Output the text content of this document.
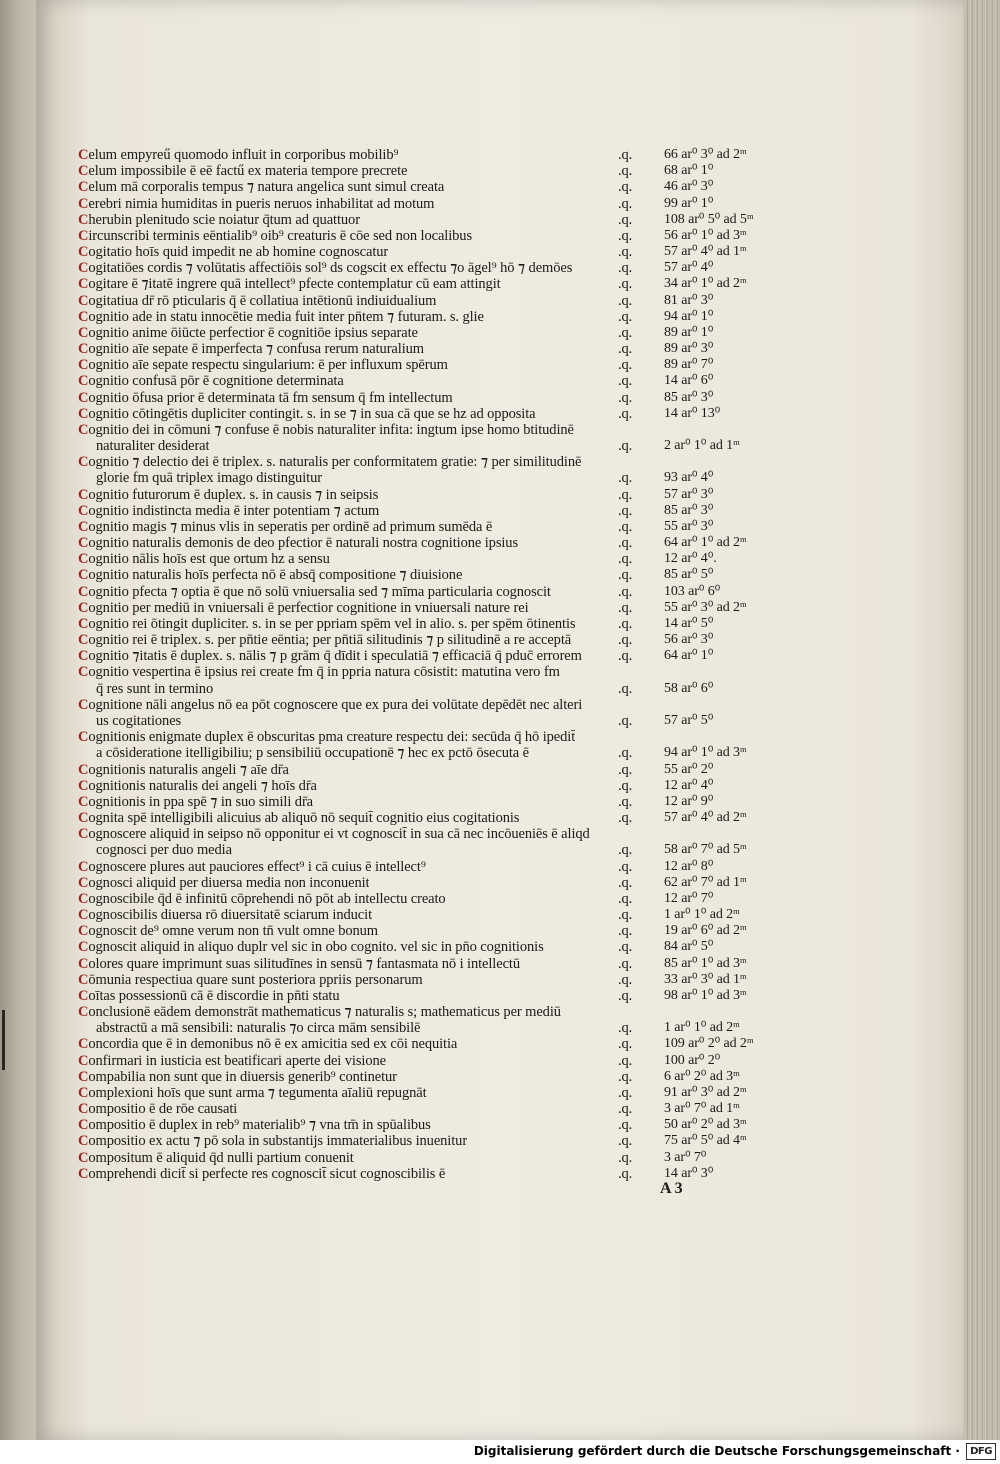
Celum empyreű quomodo influit in corporibus mobilib⁹	.q. 66 ar⁰ 3⁰ ad 2ᵐ
Celum impossibile ē eē factű ex materia tempore precrete	.q. 68 ar⁰ 1⁰
Celum mā corporalis tempus ⁊ natura angelica sunt simul creata	.q. 46 ar⁰ 3⁰
Cerebri nimia humiditas in pueris neruos inhabilitat ad motum	.q. 99 ar⁰ 1⁰
Cherubin plenitudo scie noiatur q̄tum ad quattuor	.q. 108 ar⁰ 5⁰ ad 5ᵐ
Circunscribi terminis eēntialib⁹ oib⁹ creaturis ē cōe sed non localibus	.q. 56 ar⁰ 1⁰ ad 3ᵐ
Cogitatio hoīs quid impedit ne ab homine cognoscatur	.q. 57 ar⁰ 4⁰ ad 1ᵐ
Cogitatiōes cordis ⁊ volūtatis affectiōis sol⁹ ds cogscit ex effectu ⁊o āgel⁹ hō ⁊ demōes	.q. 57 ar⁰ 4⁰
Cogitare ē ⁊itatē ingrere quā intellect⁹ pfecte contemplatur cū eam attingit	.q. 34 ar⁰ 1⁰ ad 2ᵐ
Cogitatiua dr̄ rō pticularis q̄ ē collatiua intētionū indiuidualium	.q. 81 ar⁰ 3⁰
Cognitio ade in statu innocētie media fuit inter pn̄tem ⁊ futuram. s. glie	.q. 94 ar⁰ 1⁰
Cognitio anime ōiūcte perfectior ē cognitiōe ipsius separate	.q. 89 ar⁰ 1⁰
Cognitio aīe sepate ē imperfecta ⁊ confusa rerum naturalium	.q. 89 ar⁰ 3⁰
Cognitio aīe sepate respectu singularium: ē per influxum spērum	.q. 89 ar⁰ 7⁰
Cognitio confusā pōr ē cognitione determinata	.q. 14 ar⁰ 6⁰
Cognitio ōfusa prior ē determinata tā fm sensum q̄ fm intellectum	.q. 85 ar⁰ 3⁰
Cognitio cōtingētis dupliciter contingit. s. in se ⁊ in sua cā que se hz ad opposita	.q. 14 ar⁰ 13⁰
Cognitio dei in cōmuni ⁊ confuse ē nobis naturaliter infita: ingtum ipse homo btitudinē
naturaliter desiderat	.q. 2 ar⁰ 1⁰ ad 1ᵐ
Cognitio ⁊ delectio dei ē triplex. s. naturalis per conformitatem gratie: ⁊ per similitudinē
glorie fm quā triplex imago distinguitur	.q. 93 ar⁰ 4⁰
Cognitio futurorum ē duplex. s. in causis ⁊ in seipsis	.q. 57 ar⁰ 3⁰
Cognitio indistincta media ē inter potentiam ⁊ actum	.q. 85 ar⁰ 3⁰
Cognitio magis ⁊ minus vlis in seperatis per ordinē ad primum sumēda ē	.q. 55 ar⁰ 3⁰
Cognitio naturalis demonis de deo pfectior ē naturali nostra cognitione ipsius	.q. 64 ar⁰ 1⁰ ad 2ᵐ
Cognitio nālis hoīs est que ortum hz a sensu	.q. 12 ar⁰ 4⁰.
Cognitio naturalis hoīs perfecta nō ē absq̄ compositione ⁊ diuisione	.q. 85 ar⁰ 5⁰
Cognitio pfecta ⁊ optia ē que nō solū vniuersalia sed ⁊ mīma particularia cognoscit	.q. 103 ar⁰ 6⁰
Cognitio per mediū in vniuersali ē perfectior cognitione in vniuersali nature rei	.q. 55 ar⁰ 3⁰ ad 2ᵐ
Cognitio rei ōtingit dupliciter. s. in se per ppriam spēm vel in alio. s. per spēm ōtinentis	.q. 14 ar⁰ 5⁰
Cognitio rei ē triplex. s. per pn̄tie eēntia; per pn̄tiā silitudinis ⁊ p silitudinē a re acceptā	.q. 56 ar⁰ 3⁰
Cognitio ⁊itatis ē duplex. s. nālis ⁊ p grām q̄ dīdit i speculatiā ⁊ efficaciā q̄ pduc̄ errorem .q. 64 ar⁰ 1⁰
Cognitio vespertina ē ipsius rei create fm q̄ in ppria natura cōsistit: matutina vero fm
q̄ res sunt in termino	.q. 58 ar⁰ 6⁰
Cognitione nāli angelus nō ea pōt cognoscere que ex pura dei volūtate depēdēt nec alteri
us cogitationes	.q. 57 ar⁰ 5⁰
Cognitionis enigmate duplex ē obscuritas pma creature respectu dei: secūda q̄ hō ipedit̄
a cōsideratione itelligibiliu; p sensibiliū occupationē ⁊ hec ex pctō ōsecuta ē	.q. 94 ar⁰ 1⁰ ad 3ᵐ
Cognitionis naturalis angeli ⁊ aīe dr̄a	.q. 55 ar⁰ 2⁰
Cognitionis naturalis dei angeli ⁊ hoīs dr̄a	.q. 12 ar⁰ 4⁰
Cognitionis in ppa spē ⁊ in suo simili dr̄a	.q. 12 ar⁰ 9⁰
Cognita spē intelligibili alicuius ab aliquō nō sequit̄ cognitio eius cogitationis	.q. 57 ar⁰ 4⁰ ad 2ᵐ
Cognoscere aliquid in seipso nō opponitur ei vt cognoscit̄ in sua cā nec incōueniēs ē aliqd
cognosci per duo media	.q. 58 ar⁰ 7⁰ ad 5ᵐ
Cognoscere plures aut pauciores effect⁹ i cā cuius ē intellect⁹	.q. 12 ar⁰ 8⁰
Cognosci aliquid per diuersa media non inconuenit	.q. 62 ar⁰ 7⁰ ad 1ᵐ
Cognoscibile q̄d ē infinitū cōprehendi nō pōt ab intellectu creato	.q. 12 ar⁰ 7⁰
Cognoscibilis diuersa rō diuersitatē sciarum inducit	.q. 1 ar⁰ 1⁰ ad 2ᵐ
Cognoscit de⁹ omne verum non tn̄ vult omne bonum	.q. 19 ar⁰ 6⁰ ad 2ᵐ
Cognoscit aliquid in aliquo dupl̄r vel sic in obo cognito. vel sic in pn̄o cognitionis	.q. 84 ar⁰ 5⁰
Colores quare imprimunt suas silitudīnes in sensū ⁊ fantasmata nō i intellectū	.q. 85 ar⁰ 1⁰ ad 3ᵐ
Cōmunia respectiua quare sunt posteriora ppriis personarum	.q. 33 ar⁰ 3⁰ ad 1ᵐ
Coītas possessionū cā ē discordie in pn̄ti statu	.q. 98 ar⁰ 1⁰ ad 3ᵐ
Conclusionē eādem demonstrāt mathematicus ⁊ naturalis s; mathematicus per mediū
abstractū a mā sensibili: naturalis ⁊o circa mām sensibilē	.q. 1 ar⁰ 1⁰ ad 2ᵐ
Concordia que ē in demonibus nō ē ex amicitia sed ex cōi nequitia	.q. 109 ar⁰ 2⁰ ad 2ᵐ
Confirmari in iusticia est beatificari aperte dei visione	.q. 100 ar⁰ 2⁰
Compabilia non sunt que in diuersis generib⁹ continetur	.q. 6 ar⁰ 2⁰ ad 3ᵐ
Complexioni hoīs que sunt arma ⁊ tegumenta aīaliū repugnāt	.q. 91 ar⁰ 3⁰ ad 2ᵐ
Compositio ē de rōe causati	.q. 3 ar⁰ 7⁰ ad 1ᵐ
Compositio ē duplex in reb⁹ materialib⁹ ⁊ vna tm̄ in spūalibus	.q. 50 ar⁰ 2⁰ ad 3ᵐ
Compositio ex actu ⁊ pō sola in substantijs immaterialibus inuenitur	.q. 75 ar⁰ 5⁰ ad 4ᵐ
Compositum ē aliquid q̄d nulli partium conuenit	.q. 3 ar⁰ 7⁰
Comprehendi dicit̄ si perfecte res cognoscit̄ sicut cognoscibilis ē	.q. 14 ar⁰ 3⁰
A 3
Digitalisierung gefördert durch die Deutsche Forschungsgemeinschaft ·	DFG
